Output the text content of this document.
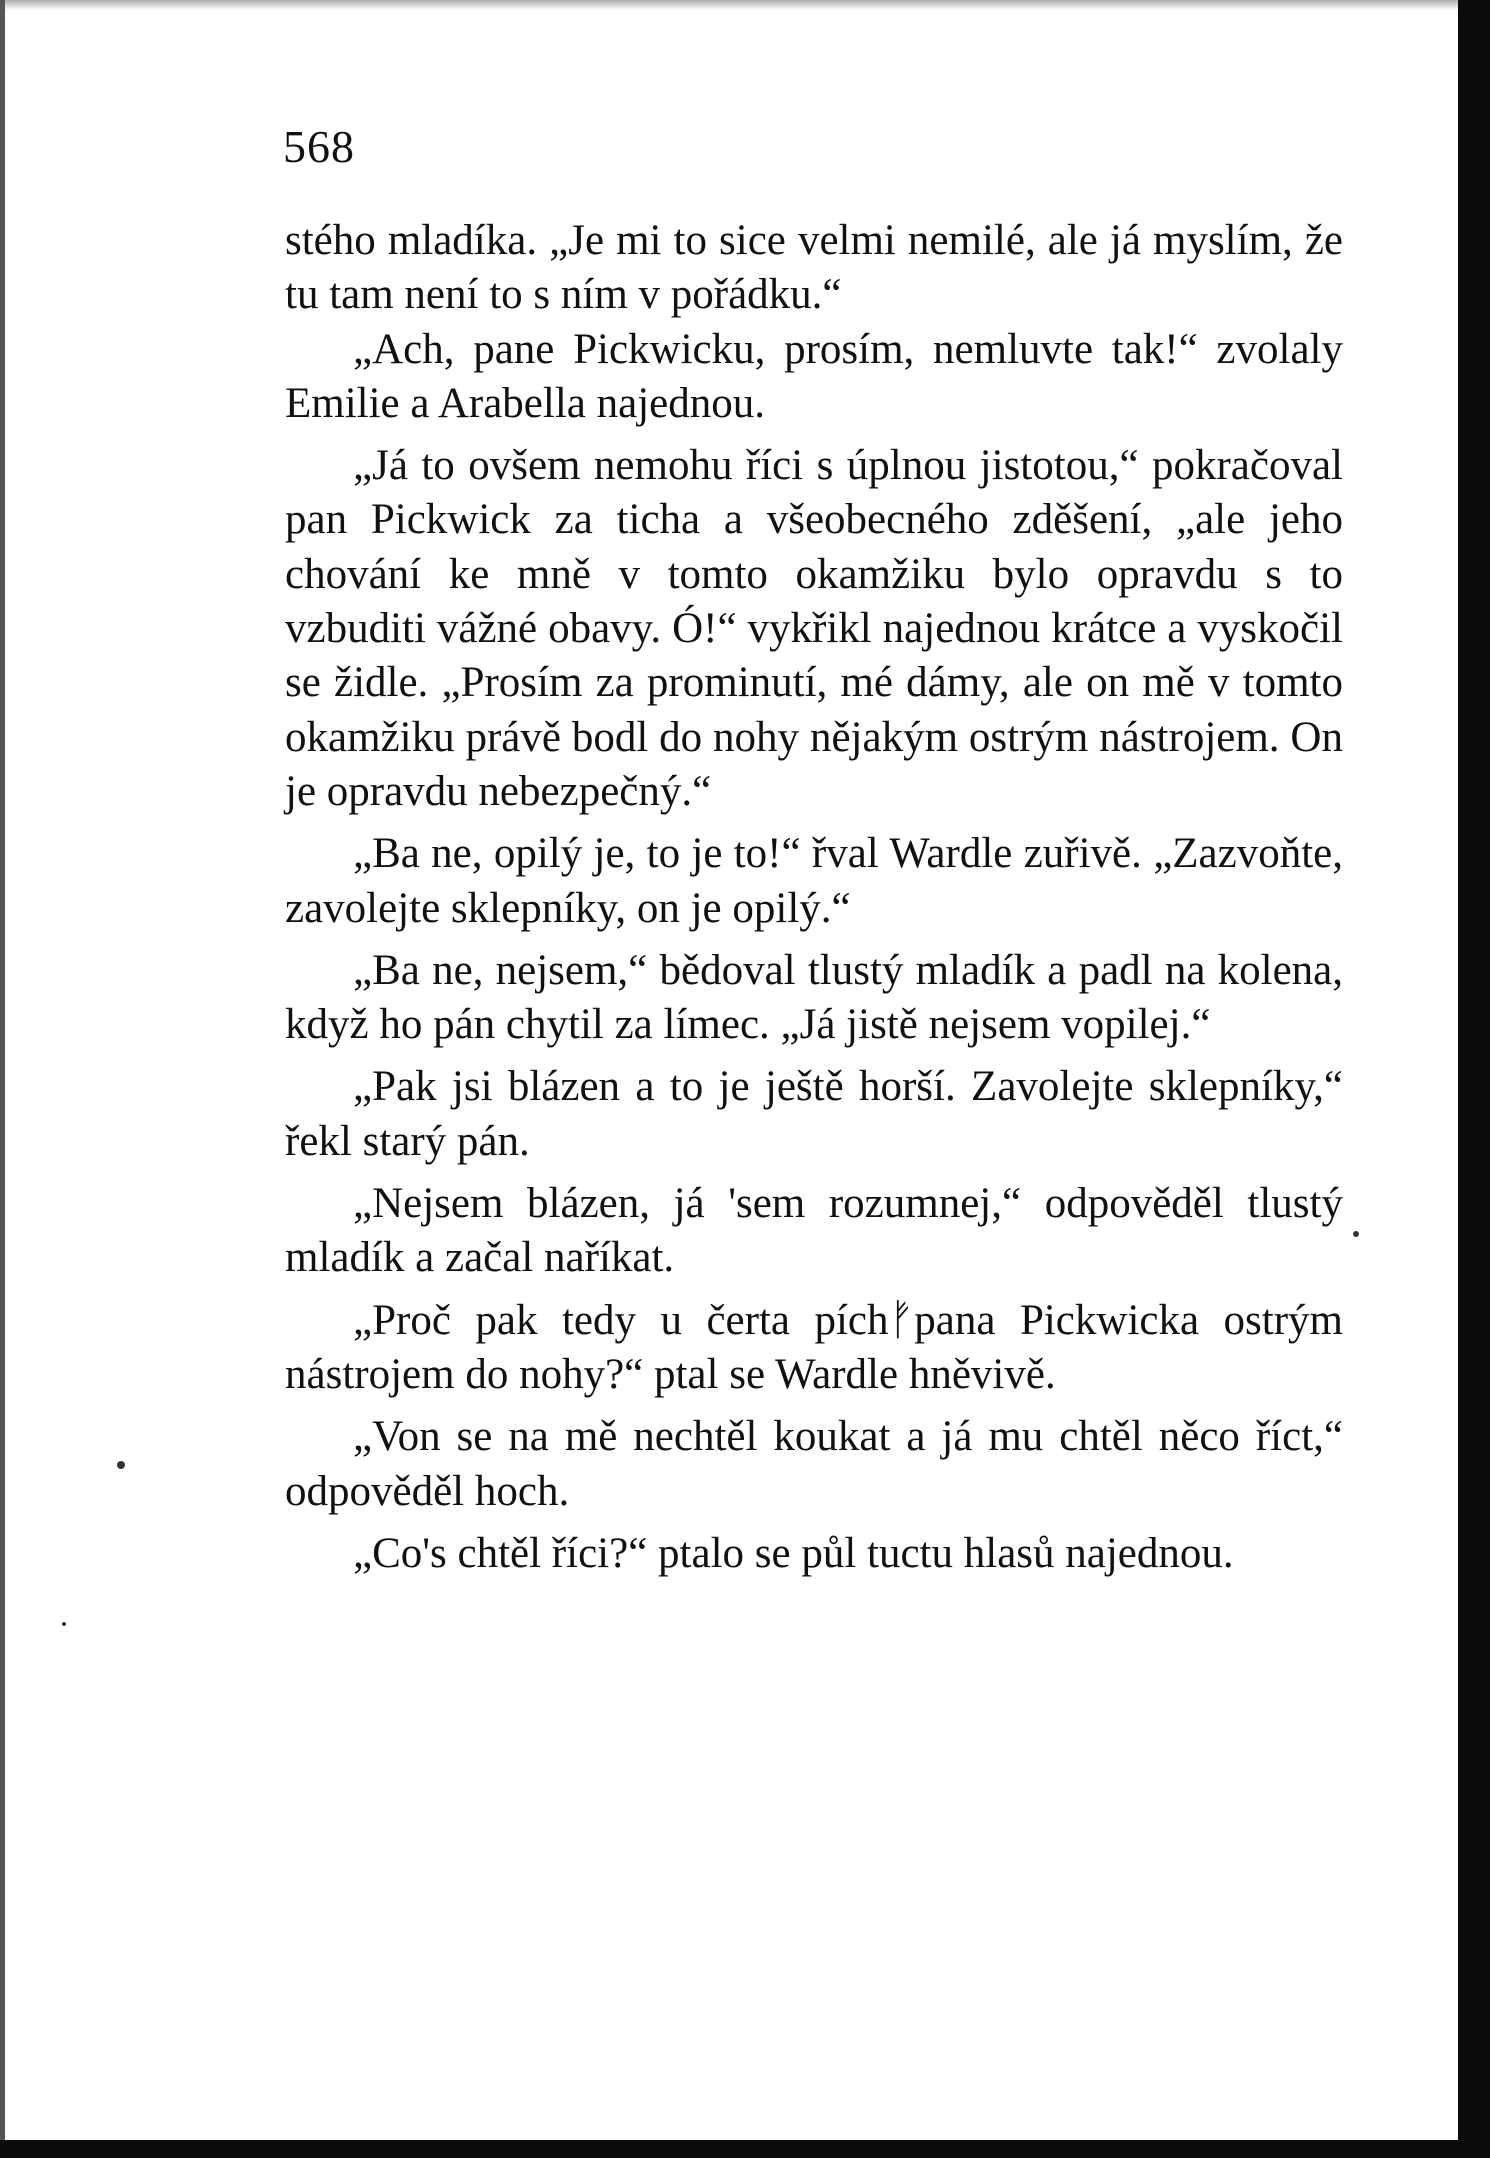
568

stého mladíka. „Je mi to sice velmi nemilé, ale já myslím, že tu tam není to s ním v pořádku.“

„Ach, pane Pickwicku, prosím, nemluvte tak!“ zvolaly Emilie a Arabella najednou.

„Já to ovšem nemohu říci s úplnou jistotou,“ pokračoval pan Pickwick za ticha a všeobecného zděšení, „ale jeho chování ke mně v tomto okamžiku bylo opravdu s to vzbuditi vážné obavy. Ó!“ vykřikl najednou krátce a vyskočil se židle. „Prosím za prominutí, mé dámy, ale on mě v tomto okamžiku právě bodl do nohy nějakým ostrým nástrojem. On je opravdu nebezpečný.“

„Ba ne, opilý je, to je to!“ řval Wardle zuřivě. „Zazvoňte, zavolejte sklepníky, on je opilý.“

„Ba ne, nejsem,“ bědoval tlustý mladík a padl na kolena, když ho pán chytil za límec. „Já jistě nejsem vopilej.“

„Pak jsi blázen a to je ještě horší. Zavolejte sklepníky,“ řekl starý pán.

„Nejsem blázen, já 'sem rozumnej,“ odpověděl tlustý mladík a začal naříkat.

„Proč pak tedy u čerta píchᚠpana Pickwicka ostrým nástrojem do nohy?“ ptal se Wardle hněvivě.

„Von se na mě nechtěl koukat a já mu chtěl něco říct,“ odpověděl hoch.

„Co's chtěl říci?“ ptalo se půl tuctu hlasů najednou.
